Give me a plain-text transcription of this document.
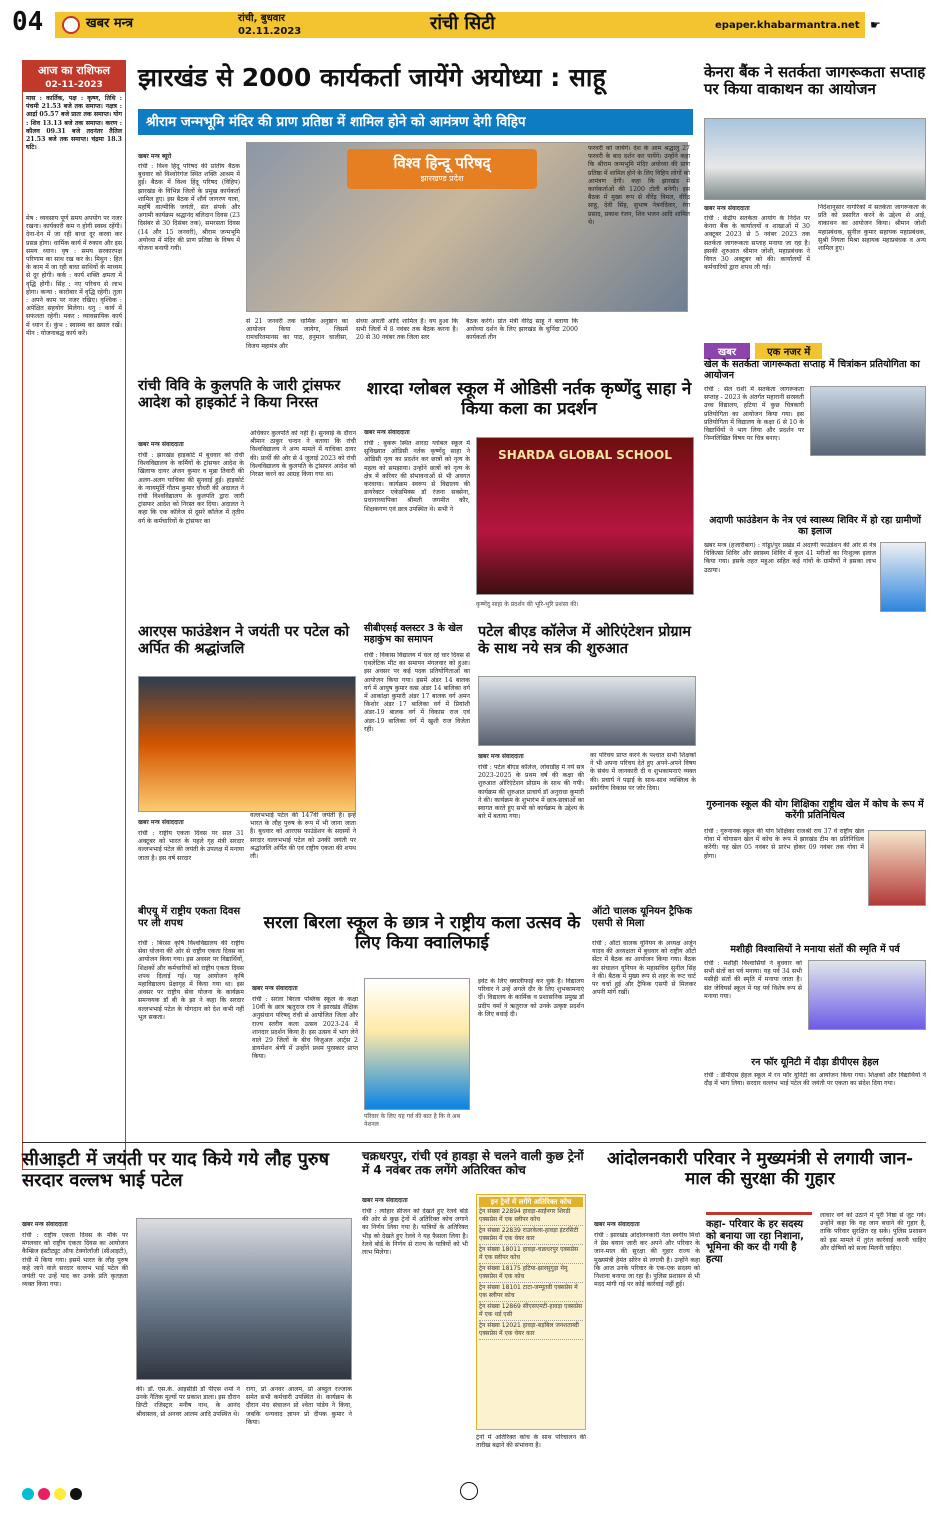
04	खबर मन्त्र	रांची, बुधवार
02.11.2023	रांची सिटी	epaper.khabarmantra.net ☛
आज का राशिफल
02-11-2023
मास : कार्तिक, पक्ष : कृष्ण, तिथि : पंचमी 21.53 बजे तक समाप्त। नक्षत्र : आर्द्रा 05.57 बजे प्रातः तक समाप्त। योग : शिव 13.13 बजे तक समाप्त। करण : कौलव 09.31 बजे तदनंतर तैतिल 21.53 बजे तक समाप्त। चंद्रमा 18.3 घटि।
मेष : व्यवसाय पूर्ण समय अपयोग पर नजर रखना। कार्यकारी कम न होगी स्वस्थ रहेंगी। देना-देन में जा रही बाधा दूर करवा कर प्रसन्न होगा। धार्मिक कार्य में रुकाव और इस समय ध्यान। वृष : समय सरकारपक्ष परिणाम का साथ रख कर के। मिथुन : हित के काम में जा रही बाधा साथियों के माध्यम से दूर होगी। कर्क : कार्य शक्ति क्षमता में वृद्धि होगी। सिंह : नए परिचय से लाभ होगा। कन्या : कारोबार में वृद्धि रहेगी। तुला : अपने काम पर नजर रखिए। वृश्चिक : अपेक्षित सहयोग मिलेगा। धनु : कार्य में सफलता रहेगी। मकर : व्यावसायिक कार्य में ध्यान दें। कुंभ : स्वास्थ्य का ख्याल रखें। मीन : योजनाबद्ध कार्य करें।
झारखंड से 2000 कार्यकर्ता जायेंगे अयोध्या : साहू
श्रीराम जन्मभूमि मंदिर की प्राण प्रतिष्ठा में शामिल होने को आमंत्रण देगी विहिप
खबर मन्त्र ब्यूरो
रांची : विश्व हिंदू परिषद की प्रांतीय बैठक बुधवार को विश्वोरंगंज स्थित शक्ति आश्रम में हुई। बैठक में विश्व हिंदू परिषद (विहिप) झारखंड के विभिन्न जिलों के प्रमुख कार्यकर्ता शामिल हुए। इस बैठक में शौर्य जागरण यात्रा, महर्षि वाल्मीकि जयंती, संत संपर्क और अगामी कार्यक्रम श्रद्धानंद बलिदान दिवस (23 दिसंबर से 30 दिसंबर तक), समरसता दिवस (14 और 15 जनवरी), श्रीराम जन्मभूमि अयोध्या में मंदिर की प्राण प्रतिष्ठा के विषय में योजना बनायी गयी।
विश्व हिन्दू परिषद्
झारखण्ड प्रदेश
से 21 जनवरी तक धार्मिक अनुष्ठान का आयोजन किया जायेगा, जिसमें रामचरितमानस का पाठ, हनुमान चालीसा, विजय महामंत्र और
संध्या आरती आदि शामिल हैं। वय हुआ कि सभी जिलों में 8 नवंबर तक बैठक करना है। 20 से 30 नवंबर तक जिला स्तर
बैठक करेंगे। प्रांत मंत्री वीरेंद्र साहू ने बताया कि अयोध्या दर्शन के लिए झारखंड के चुनिंदा 2000 कार्यकर्ता तीन
फरवरी को जायेंगे। देश के आम श्रद्धालु 27 फरवरी के बाद दर्शन कर पायेंगे। उन्होंने कहा कि श्रीराम जन्मभूमि मंदिर अयोध्या की प्राण प्रतिष्ठा में शामिल होने के लिए विहिप लोगों को आमंत्रण देगी। कहा कि झारखंड में कार्यकर्ताओं की 1200 टोली बनेगी। इस बैठक में मुख्य रूप से वीरेंद्र विमल, वीरेंद्र साहू, देवी सिंह, सुभाष नेत्रनंदिवार, रंगा प्रसाद, प्रकाश रंजन, शिव भजन आदि शामिल थे।
केनरा बैंक ने सतर्कता जागरूकता सप्ताह पर किया वाकाथन का आयोजन
खबर मन्त्र संवाददाता
रांची : केंद्रीय सतर्कता आयोग के निर्देश पर केनरा बैंक के कार्यालयों व शाखाओं में 30 अक्टूबर 2023 से 5 नवंबर 2023 तक सतर्कता जागरूकता सप्ताह मनाया जा रहा है। इसकी शुरुआत श्रीमान जोशी, महाप्रबंधक ने विगत 30 अक्टूबर को की। कार्यालयों में कर्मचारियों द्वारा शपथ ली गई।
निर्देशानुसार नागरिकों में सतर्कता जागरूकता के प्रति को प्रसारित करने के उद्देश्य से आई, वाकाथन का आयोजन किया। श्रीमान जोशी महाप्रबंधक, सुनील कुमार सहायक महाप्रबंधक, सुश्री नियता मिश्रा सहायक महाप्रबंधक व अन्य शामिल हुए।
खबर	एक नजर में
खेल के सतर्कता जागरूकता सप्ताह में चित्रांकन प्रतियोगिता का आयोजन
रांची : सेल राशी में सतर्कता जागरूकता सप्ताह - 2023 के अंतर्गत महारानी सरस्वती उच्च विद्यालय, हटिया में कुछ चित्रकारी प्रतियोगिता का आयोजन किया गया। इस प्रतियोगिता में वि‍द्यालय के कक्षा 6 से 10 के विद्यार्थियों ने भाग लिया और प्रदर्शन पर निम्नलिखित विषय पर चित्र बनाए।
अदाणी फाउंडेशन के नेत्र एवं स्वास्थ्य शिविर में हो रहा ग्रामीणों का इलाज
खबर मन्त्र (हजारीबाग) : गोड्डा/पुर प्रखंड में अदाणी फाउंडेशन की ओर से नेत्र चिकित्सा शिविर और स्वास्थ्य शिविर में कुल 41 मरीजों का निःशुल्क इलाज किया गया। इसके तहत महुआ सहित कई गांवों के ग्रामीणों ने इसका लाभ उठाया।
गुरुनानक स्कूल की योग शिक्षिका राष्ट्रीय खेल में कोच के रूप में करेंगी प्रतिनिधित्व
रांची : गुरुनानक स्कूल की योग शिक्षिका राजश्री राय 37 वें राष्ट्रीय खेल गोवा में योगासन खेल में कोच के रूप में झारखंड टीम का प्रतिनिधित्व करेंगी। यह खेल 05 नवंबर से प्रारंभ होकर 09 नवंबर तक गोवा में होगा।
मशीही विश्वासियों ने मनाया संतों की स्मृति में पर्व
रांची : मशीही विश्वासियों ने बुधवार को सभी संतों का पर्व मनाया। यह पर्व 34 सभी मसीही संतों की स्मृति में मनाया जाता है। संत जेवियर्स स्कूल में यह पर्व विशेष रूप से मनाया गया।
रन फॉर यूनिटी में दौड़ा डीपीएस हेहल
रांची : डीपीएस हेहल स्कूल में रन फॉर यूनिटी का आयोजन किया गया। शिक्षकों और विद्यार्थियों ने दौड़ में भाग लिया। सरदार वल्लभ भाई पटेल की जयंती पर एकता का संदेश दिया गया।
रांची विवि के कुलपति के जारी ट्रांसफर आदेश को हाइकोर्ट ने किया निरस्त
खबर मन्त्र संवाददाता
रांची : झारखंड हाइकोर्ट में बुधवार को रांची विश्वविद्यालय के कर्मियों के ट्रांसफर आदेश के खिलाफ दायर अंजन कुमार व मुन्ना तिवारी की अलग-अलग याचिका की सुनवाई हुई। हाइकोर्ट के न्यायमूर्ति गौतम कुमार चौधरी की अदालत ने रांची विश्वविद्यालय के कुलपति द्वारा जारी ट्रांसफर आदेश को निरस्त कर दिया। अदालत ने कहा कि एक कॉलेज से दूसरे कॉलेज में तृतीय वर्ग के कर्मचारियों के ट्रांसफर का
अधिकार कुलपति को नहीं है। सुनवाई के दौरान श्रीमान ठाकुर चन्दन ने बताया कि रांची विश्वविद्यालय ने अन्य मामले में याचिका दायर की। प्रार्थी की ओर से 4 जुलाई 2023 को रांची विश्वविद्यालय के कुलपति के ट्रांसफर आदेश को निरस्त करने का आग्रह किया गया था।
शारदा ग्लोबल स्कूल में ओडिसी नर्तक कृष्णेंदु साहा ने किया कला का प्रदर्शन
खबर मन्त्र संवाददाता
रांची : बुकरू स्थित शारदा ग्लोबल स्कूल में सुविख्यात ओडिसी नर्तक कृष्णेंदु साहा ने ओडिसी नृत्य का प्रदर्शन कर छात्रों को नृत्य के महत्व को समझाया। उन्होंने छात्रों को नृत्य के क्षेत्र में करियर की संभावनाओं से भी अवगत करवाया। कार्यक्रम स्वरूप से विद्यालय की डायरेक्टर एकेडमिक्स डॉ रंजना सक्सेना, प्रधानाध्यापिका श्रीमती जगमीत कौर, शिक्षकगण एवं छात्र उपस्थित थे। सभी ने
SHARDA GLOBAL SCHOOL
कृष्णेंदु साहा के प्रदर्शन की भूरि-भूरि प्रशंसा की।
आरएस फाउंडेशन ने जयंती पर पटेल को अर्पित की श्रद्धांजलि
खबर मन्त्र संवाददाता
रांची : राष्ट्रीय एकता दिवस पर सात 31 अक्टूबर को भारत के पहले गृह मंत्री सरदार वल्लभभाई पटेल की जयंती के उपलक्ष में मनाया जाता है। इस वर्ष सरदार
वल्लभभाई पटेल की 147वीं जयंती है। इन्हें भारत के लौह पुरुष के रूप में भी जाना जाता है। बुधवार को आरएस फाउंडेशन के सदस्यों ने सरदार वल्लभभाई पटेल को उनकी जयंती पर श्रद्धांजलि अर्पित की एवं राष्ट्रीय एकता की शपथ ली।
सीबीएसई क्लस्टर 3 के खेल महाकुंभ का समापन
रांची : विकास विद्यालय में चल रहे चार दिवस से एथलेटिक मीट का समापन मंगलवार को हुआ। इस अवसर पर कई पदक प्रतियोगिताओं का आयोजन किया गया। इसमें अंडर 14 बालक वर्ग में आयुष कुमार वत्स अंडर 14 बालिका वर्ग में आकांक्षा कुमारी अंडर 17 बालक वर्ग अमन किशोर अंडर 17 बालिका वर्ग में प्रियांशी अंडर-19 बालक वर्ग में विकास राज एवं अंडर-19 बालिका वर्ग में खुशी राज विजेता रही।
पटेल बीएड कॉलेज में ओरिएंटेशन प्रोग्राम के साथ नये सत्र की शुरुआत
खबर मन्त्र संवाददाता
रांची : पटेल बीएड कॉलेज, लोवाडीह में नये सत्र 2023-2025 के प्रथम वर्ष की कक्षा की शुरुआत ओरिएंटेशन प्रोग्राम के साथ की गयी। कार्यक्रम की शुरुआत प्राचार्य डॉ अनुराधा कुमारी ने की। कार्यक्रम के शुभारंभ में छात्र-छात्राओं का स्वागत करते हुए सभी को कार्यक्रम के उद्देश्य के बारे में बताया गया।
का परिचय प्राप्त करने के पश्चात सभी शिक्षकों ने भी अपना परिचय देते हुए अपने-अपने विषय के संबंध में जानकारी दी व शुभकामनाएं व्यक्त की। प्रचार्य ने पढ़ाई के साथ-साथ व्यक्तित्व के सर्वांगीण विकास पर जोर दिया।
बीएयू में राष्ट्रीय एकता दिवस पर ली शपथ
रांची : बिरसा कृषि विश्वविद्यालय की राष्ट्रीय सेवा योजना की ओर से राष्ट्रीय एकता दिवस का आयोजन किया गया। इस अवसर पर विद्यार्थियों, शिक्षकों और कर्मचारियों को राष्ट्रीय एकता दिवस शपथ दिलाई गई। यह आयोजन कृषि महाविद्यालय प्रेक्षागृह में किया गया था। इस अवसर पर राष्ट्रीय सेवा योजना के कार्यक्रम समन्वयक डॉ बी के झा ने कहा कि सरदार वल्लभभाई पटेल के योगदान को देश कभी नहीं भूल सकता।
सरला बिरला स्कूल के छात्र ने राष्ट्रीय कला उत्सव के लिए किया क्वालिफाई
खबर मन्त्र संवाददाता
रांची : सरला बिरला पब्लिक स्कूल के कक्षा 10वीं के छात्र ऋतुराज राय ने झारखंड शैक्षिक अनुसंधान परिषद् रांची से आयोजित जिला और राज्य स्तरीय कला उत्सव 2023-24 में शानदार प्रदर्शन किया है। इस उत्सव में भाग लेने वाले 29 जिलों के बीच विजुअल आर्ट्स 2 डायमेंशन श्रेणी में उन्होंने प्रथम पुरस्कार प्राप्त किया।
परिवार के लिए यह गर्व की बात है कि वे अब नेशनल
इवेंट के लिए क्वालीफाई कर चुके हैं। विद्यालय परिवार ने उन्हें अगले दौर के लिए शुभकामनाएं दीं। विद्यालय के कार्मिक व प्रशासनिक प्रमुख डॉ प्रदीप वर्मा ने ऋतुराज को उनके उत्कृष्ट प्रदर्शन के लिए बधाई दी।
ऑटो चालक यूनियन ट्रैफिक एसपी से मिला
रांची : ऑटो चालक यूनियन के अध्यक्ष अर्जुन यादव की अध्यक्षता में बुधवार को राष्ट्रीय ऑटो सेंटर में बैठक का आयोजन किया गया। बैठक का संचालन यूनियन के महासचिव सुनील सिंह ने की। बैठक में मुख्य रूप से शहर के रूट चार्ट पर चर्चा हुई और ट्रैफिक एसपी से मिलकर अपनी मांगें रखीं।
सीआइटी में जयंती पर याद किये गये लौह पुरुष सरदार वल्लभ भाई पटेल
खबर मन्त्र संवाददाता
रांची : राष्ट्रीय एकता दिवस के मौके पर मंगलवार को राष्ट्रीय एकता दिवस का आयोजन कैम्ब्रिज इंस्टीट्यूट ऑफ टेक्नोलॉजी (सीआइटी), रांची में किया गया। इसमें भारत के लौह पुरुष कहे जाने वाले सरदार वल्लभ भाई पटेल की जयंती पर उन्हें याद कर उनके प्रति कृतज्ञता व्यक्त किया गया।
की। डॉ. एस.के. आइसीडी डॉ पीएस शर्मा ने उनके नैतिक मूल्यों पर प्रकाश डाला। इस दौरान डिप्टी रजिस्ट्रार मनीष नाथ, के आनंद श्रीवास्तव, प्रो अनवर आलम आदि उपस्थित थे।
रागा, प्रो अनवर आलम, प्रो अब्दुल रज्जाक समेत सभी कर्मचारी उपस्थित थे। कार्यक्रम के दौरान मंच संचालन प्रो श्वेता पांडेय ने किया, जबकि धन्यवाद ज्ञापन प्रो दीपक कुमार ने किया।
चक्रधरपुर, रांची एवं हावड़ा से चलने वाली कुछ ट्रेनों में 4 नवंबर तक लगेंगे अतिरिक्त कोच
खबर मन्त्र संवाददाता
रांची : त्योहार सीजन को देखते हुए रेलवे बोर्ड की ओर से कुछ ट्रेनों में अतिरिक्त कोच लगाने का निर्णय लिया गया है। यात्रियों के अतिरिक्त भीड़ को देखते हुए रेलवे ने यह फैसला लिया है। रेलवे बोर्ड के निर्णय से राज्य के यात्रियों को भी लाभ मिलेगा।
इन ट्रेनों में लगेंगे अतिरिक्त कोच
ट्रेन संख्या 22894 हावड़ा-साईंनगर शिरडी एक्सप्रेस में एक स्लीपर कोच
ट्रेन संख्या 22839 राउरकेला-हावड़ा इंटरसिटी एक्सप्रेस में एक चेयर कार
ट्रेन संख्या 18011 हावड़ा-चक्रधरपुर एक्सप्रेस में एक स्लीपर कोच
ट्रेन संख्या 18175 हटिया-झारसुगुड़ा मेमू एक्सप्रेस में एक कोच
ट्रेन संख्या 18101 टाटा-जम्मूतवी एक्सप्रेस में एक स्लीपर कोच
ट्रेन संख्या 12869 सीएसएमटी-हावड़ा एक्सप्रेस में एक थर्ड एसी
ट्रेन संख्या 12021 हावड़ा-बड़बिल जनशताब्दी एक्सप्रेस में एक चेयर कार
ट्रेनों में अतिरिक्त कोच के साथ परिचालन की तारीख बढ़ाने की संभावना है।
आंदोलनकारी परिवार ने मुख्यमंत्री से लगायी जान-माल की सुरक्षा की गुहार
खबर मन्त्र संवाददाता
रांची : झारखंड आंदोलनकारी नेता स्वर्गीय मिर्धा ने प्रेस बयान जारी कर अपने और परिवार के जान-माल की सुरक्षा की गुहार राज्य के मुख्यमंत्री हेमंत सोरेन से लगायी है। उन्होंने कहा कि आज उनके परिवार के एक-एक सदस्य को निशाना बनाया जा रहा है। पुलिस प्रशासन से भी मदद मांगी गई पर कोई कार्रवाई नहीं हुई।
कहा- परिवार के हर सदस्य को बनाया जा रहा निशाना, भूमिना की कर दी गयी है हत्या
लाचार वर्ग को उठाने में पूरी निष्ठा से जुट गये। उन्होंने कहा कि यह जान बचाने की गुहार है, ताकि परिवार सुरक्षित रह सके। पुलिस प्रशासन को इस मामले में तुरंत कार्रवाई करनी चाहिए और दोषियों को सजा मिलनी चाहिए।
